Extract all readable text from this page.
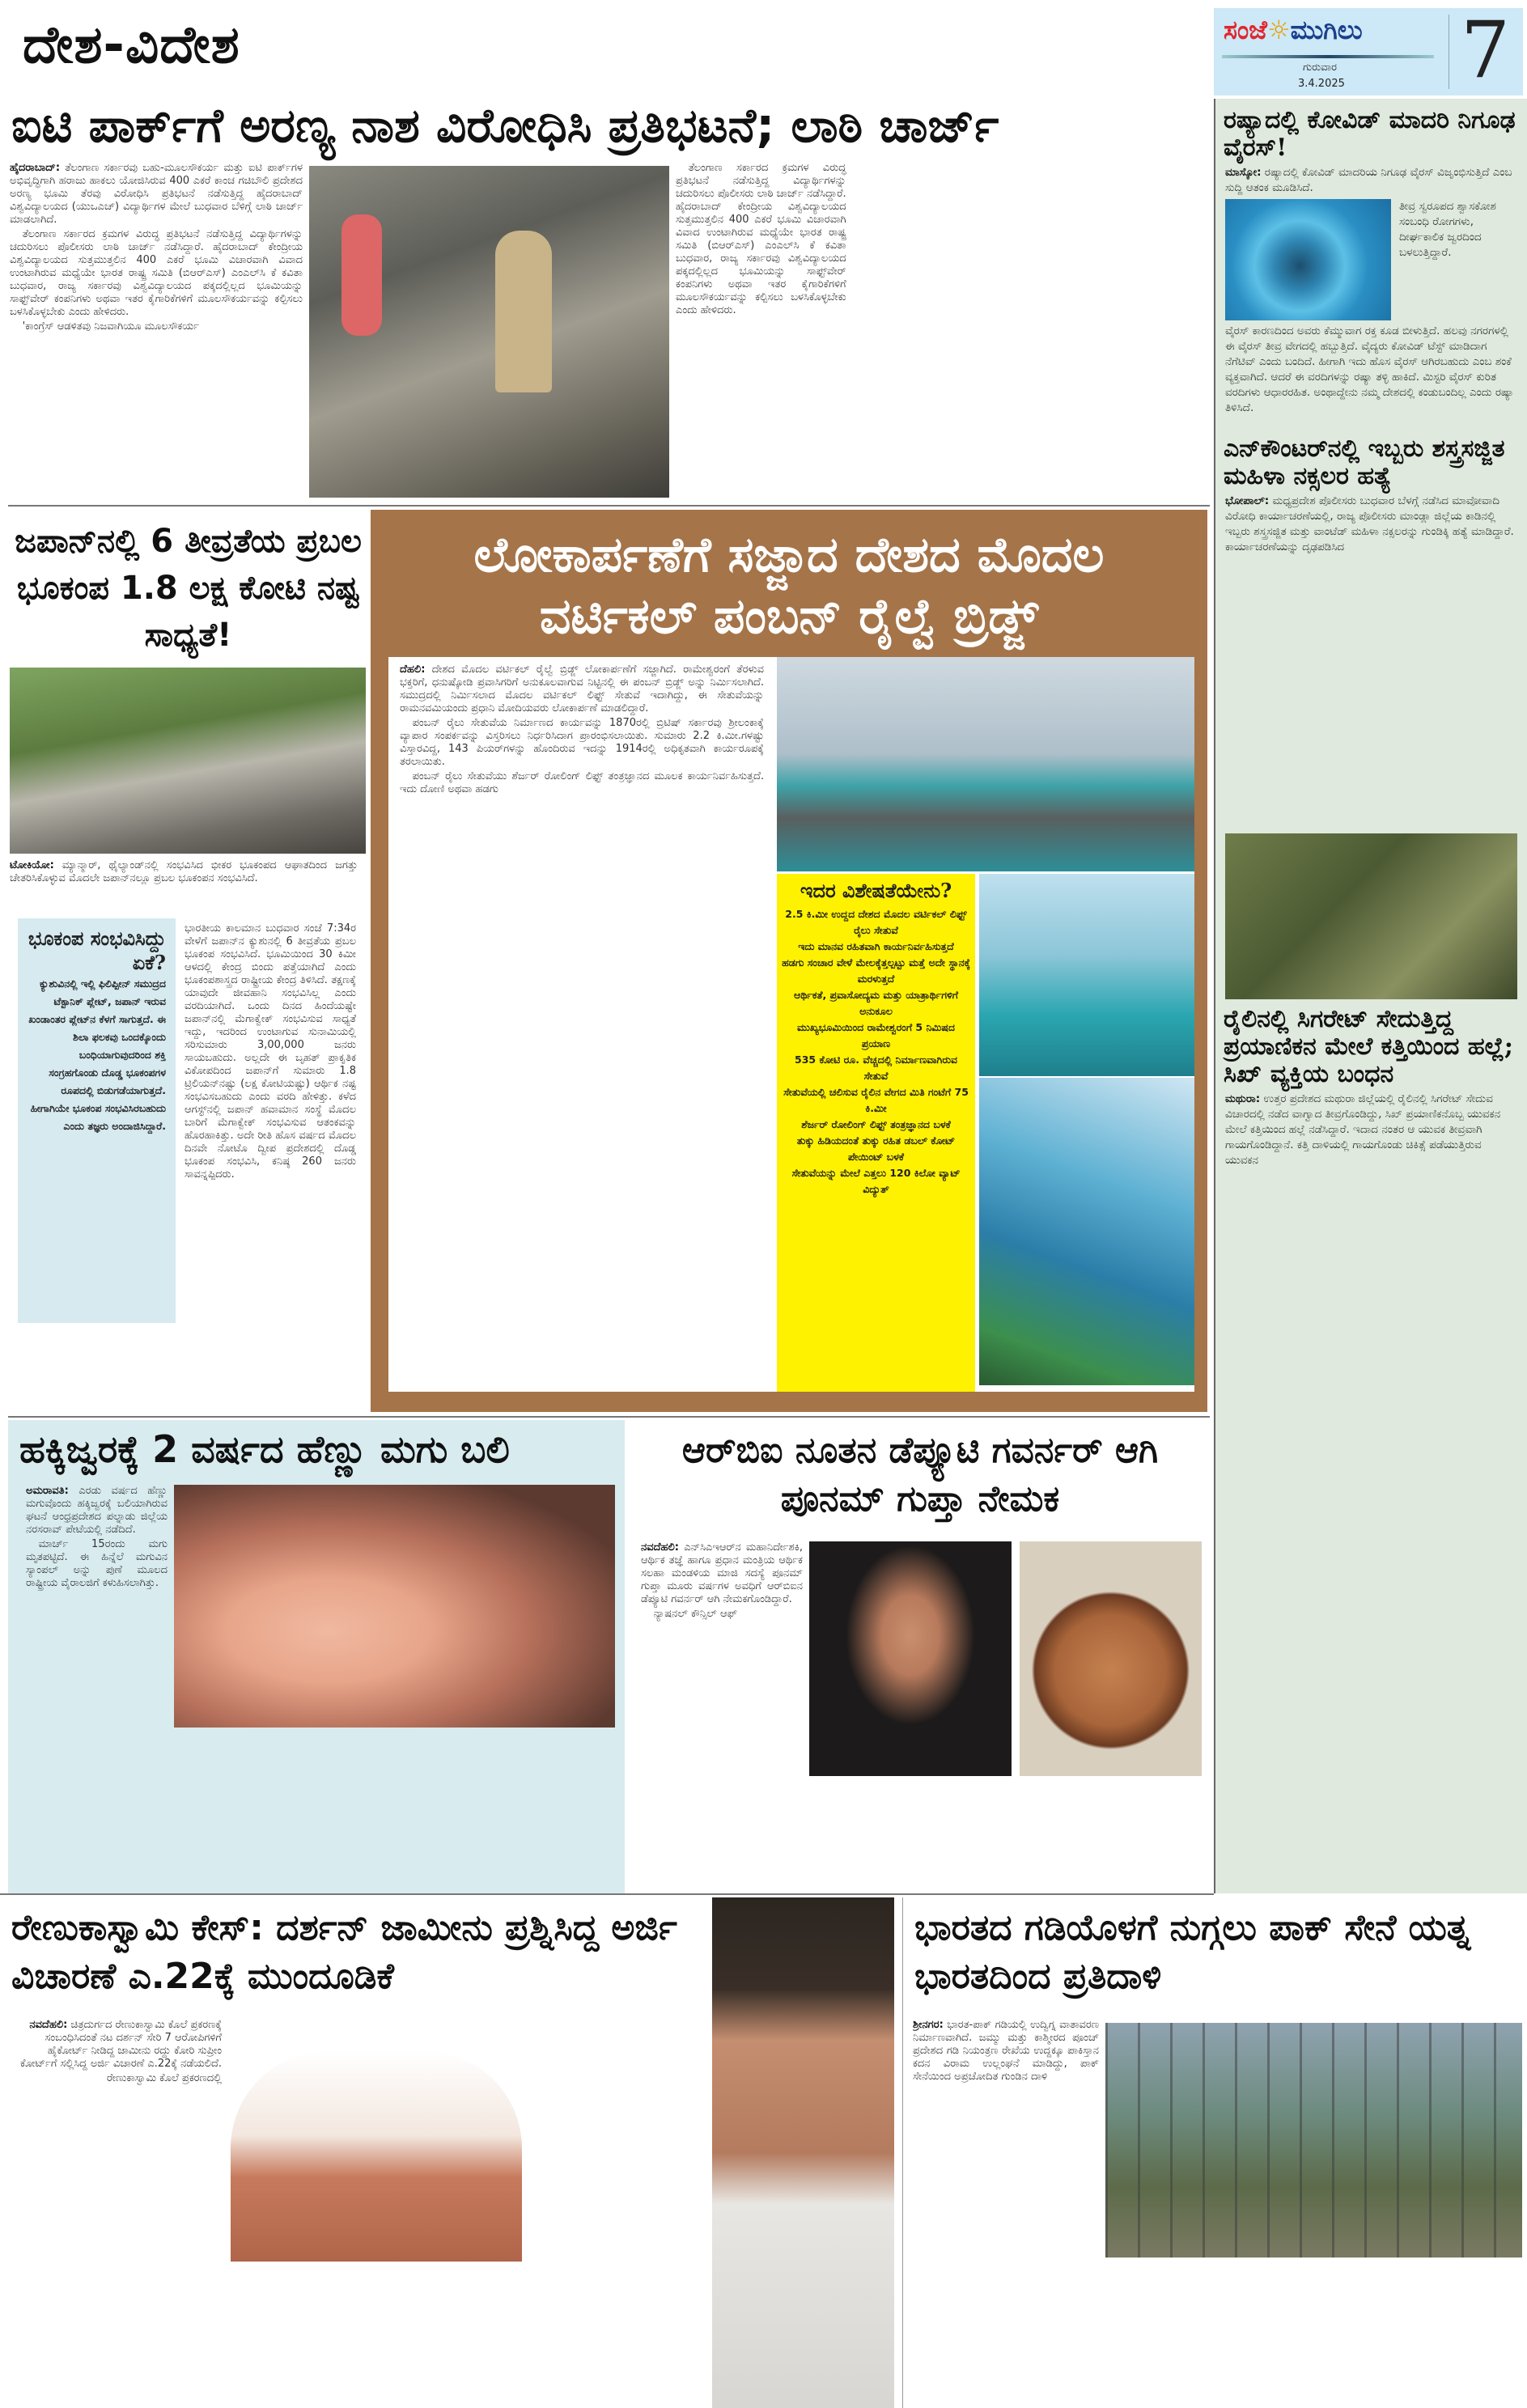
ದೇಶ-ವಿದೇಶ	ಸಂಜೆ☼ಮುಗಿಲು
ಗುರುವಾರ
3.4.2025 7
ಐಟಿ ಪಾರ್ಕ್‌ಗೆ ಅರಣ್ಯ ನಾಶ ವಿರೋಧಿಸಿ ಪ್ರತಿಭಟನೆ; ಲಾಠಿ ಚಾರ್ಜ್

ಹೈದರಾಬಾದ್: ತೆಲಂಗಾಣ ಸರ್ಕಾರವು ಬಹು-ಮೂಲಸೌಕರ್ಯ ಮತ್ತು ಐಟಿ ಪಾರ್ಕ್‌ಗಳ ಅಭಿವೃದ್ಧಿಗಾಗಿ ಹರಾಜು ಹಾಕಲು ಯೋಜಿಸಿರುವ 400 ಎಕರೆ ಕಾಂಚ ಗಚಿಬೌಲಿ ಪ್ರದೇಶದ ಅರಣ್ಯ ಭೂಮಿ ತೆರವು ವಿರೋಧಿಸಿ ಪ್ರತಿಭಟನೆ ನಡೆಸುತ್ತಿದ್ದ ಹೈದರಾಬಾದ್ ವಿಶ್ವವಿದ್ಯಾಲಯದ (ಯುಒಎಚ್) ವಿದ್ಯಾರ್ಥಿಗಳ ಮೇಲೆ ಬುಧವಾರ ಬೆಳಿಗ್ಗೆ ಲಾಠಿ ಚಾರ್ಜ್ ಮಾಡಲಾಗಿದೆ.

ತೆಲಂಗಾಣ ಸರ್ಕಾರದ ಕ್ರಮಗಳ ವಿರುದ್ಧ ಪ್ರತಿಭಟನೆ ನಡೆಸುತ್ತಿದ್ದ ವಿದ್ಯಾರ್ಥಿಗಳನ್ನು ಚದುರಿಸಲು ಪೊಲೀಸರು ಲಾಠಿ ಚಾರ್ಜ್ ನಡೆಸಿದ್ದಾರೆ. ಹೈದರಾಬಾದ್ ಕೇಂದ್ರೀಯ ವಿಶ್ವವಿದ್ಯಾಲಯದ ಸುತ್ತಮುತ್ತಲಿನ 400 ಎಕರೆ ಭೂಮಿ ವಿಚಾರವಾಗಿ ವಿವಾದ ಉಂಟಾಗಿರುವ ಮಧ್ಯೆಯೇ ಭಾರತ ರಾಷ್ಟ್ರ ಸಮಿತಿ (ಬಿಆರ್‌ಎಸ್) ಎಂಎಲ್‌ಸಿ ಕೆ ಕವಿತಾ ಬುಧವಾರ, ರಾಜ್ಯ ಸರ್ಕಾರವು ವಿಶ್ವವಿದ್ಯಾಲಯದ ಪಕ್ಕದಲ್ಲಿಲ್ಲದ ಭೂಮಿಯನ್ನು ಸಾಫ್ಟ್‌ವೇರ್ ಕಂಪನಿಗಳು ಅಥವಾ ಇತರ ಕೈಗಾರಿಕೆಗಳಿಗೆ ಮೂಲಸೌಕರ್ಯವನ್ನು ಕಲ್ಪಿಸಲು ಬಳಸಿಕೊಳ್ಳಬೇಕು ಎಂದು ಹೇಳಿದರು.

'ಕಾಂಗ್ರೆಸ್ ಆಡಳಿತವು ನಿಜವಾಗಿಯೂ ಮೂಲಸೌಕರ್ಯ

ತೆಲಂಗಾಣ ಸರ್ಕಾರದ ಕ್ರಮಗಳ ವಿರುದ್ಧ ಪ್ರತಿಭಟನೆ ನಡೆಸುತ್ತಿದ್ದ ವಿದ್ಯಾರ್ಥಿಗಳನ್ನು ಚದುರಿಸಲು ಪೊಲೀಸರು ಲಾಠಿ ಚಾರ್ಜ್ ನಡೆಸಿದ್ದಾರೆ. ಹೈದರಾಬಾದ್ ಕೇಂದ್ರೀಯ ವಿಶ್ವವಿದ್ಯಾಲಯದ ಸುತ್ತಮುತ್ತಲಿನ 400 ಎಕರೆ ಭೂಮಿ ವಿಚಾರವಾಗಿ ವಿವಾದ ಉಂಟಾಗಿರುವ ಮಧ್ಯೆಯೇ ಭಾರತ ರಾಷ್ಟ್ರ ಸಮಿತಿ (ಬಿಆರ್‌ಎಸ್) ಎಂಎಲ್‌ಸಿ ಕೆ ಕವಿತಾ ಬುಧವಾರ, ರಾಜ್ಯ ಸರ್ಕಾರವು ವಿಶ್ವವಿದ್ಯಾಲಯದ ಪಕ್ಕದಲ್ಲಿಲ್ಲದ ಭೂಮಿಯನ್ನು ಸಾಫ್ಟ್‌ವೇರ್ ಕಂಪನಿಗಳು ಅಥವಾ ಇತರ ಕೈಗಾರಿಕೆಗಳಿಗೆ ಮೂಲಸೌಕರ್ಯವನ್ನು ಕಲ್ಪಿಸಲು ಬಳಸಿಕೊಳ್ಳಬೇಕು ಎಂದು ಹೇಳಿದರು.

ರಷ್ಯಾದಲ್ಲಿ ಕೋವಿಡ್ ಮಾದರಿ ನಿಗೂಢ ವೈರಸ್!
ಮಾಸ್ಕೋ: ರಷ್ಯಾದಲ್ಲಿ ಕೋವಿಡ್ ಮಾದರಿಯ ನಿಗೂಢ ವೈರಸ್ ವಿಜೃಂಭಿಸುತ್ತಿದೆ ಎಂಬ ಸುದ್ದಿ ಆತಂಕ ಮೂಡಿಸಿದೆ.
ತೀವ್ರ ಸ್ವರೂಪದ ಶ್ವಾಸಕೋಶ ಸಂಬಂಧಿ ರೋಗಗಳು, ದೀರ್ಘಕಾಲಿಕ ಜ್ವರದಿಂದ ಬಳಲುತ್ತಿದ್ದಾರೆ.
ವೈರಸ್ ಕಾರಣದಿಂದ ಅವರು ಕೆಮ್ಮುವಾಗ ರಕ್ತ ಕೂಡ ಬೀಳುತ್ತಿದೆ. ಹಲವು ನಗರಗಳಲ್ಲಿ ಈ ವೈರಸ್ ತೀವ್ರ ವೇಗದಲ್ಲಿ ಹಬ್ಬುತ್ತಿದೆ. ವೈದ್ಯರು ಕೋವಿಡ್ ಟೆಸ್ಟ್ ಮಾಡಿದಾಗ ನೆಗೆಟಿವ್ ಎಂದು ಬಂದಿದೆ. ಹೀಗಾಗಿ ಇದು ಹೊಸ ವೈರಸ್ ಆಗಿರಬಹುದು ಎಂಬ ಶಂಕೆ ವ್ಯಕ್ತವಾಗಿದೆ. ಆದರೆ ಈ ವರದಿಗಳನ್ನು ರಷ್ಯಾ ತಳ್ಳಿ ಹಾಕಿದೆ. ಮಿಸ್ಟರಿ ವೈರಸ್ ಕುರಿತ ವರದಿಗಳು ಆಧಾರರಹಿತ. ಅಂಥಾದ್ದೇನು ನಮ್ಮ ದೇಶದಲ್ಲಿ ಕಂಡುಬಂದಿಲ್ಲ ಎಂದು ರಷ್ಯಾ ತಿಳಿಸಿದೆ.
ಎನ್‌ಕೌಂಟರ್‌ನಲ್ಲಿ ಇಬ್ಬರು ಶಸ್ತ್ರಸಜ್ಜಿತ ಮಹಿಳಾ ನಕ್ಸಲರ ಹತ್ಯೆ
ಭೋಪಾಲ್: ಮಧ್ಯಪ್ರದೇಶ ಪೊಲೀಸರು ಬುಧವಾರ ಬೆಳಗ್ಗೆ ನಡೆಸಿದ ಮಾವೋವಾದಿ ವಿರೋಧಿ ಕಾರ್ಯಾಚರಣೆಯಲ್ಲಿ, ರಾಜ್ಯ ಪೊಲೀಸರು ಮಾಂಡ್ಲಾ ಜಿಲ್ಲೆಯ ಕಾಡಿನಲ್ಲಿ ಇಬ್ಬರು ಶಸ್ತ್ರಸಜ್ಜಿತ ಮತ್ತು ವಾಂಟೆಡ್ ಮಹಿಳಾ ನಕ್ಸಲರನ್ನು ಗುಂಡಿಕ್ಕಿ ಹತ್ಯೆ ಮಾಡಿದ್ದಾರೆ. ಕಾರ್ಯಾಚರಣೆಯನ್ನು ದೃಢಪಡಿಸಿದ
ರೈಲಿನಲ್ಲಿ ಸಿಗರೇಟ್ ಸೇದುತ್ತಿದ್ದ ಪ್ರಯಾಣಿಕನ ಮೇಲೆ ಕತ್ತಿಯಿಂದ ಹಲ್ಲೆ; ಸಿಖ್ ವ್ಯಕ್ತಿಯ ಬಂಧನ
ಮಥುರಾ: ಉತ್ತರ ಪ್ರದೇಶದ ಮಥುರಾ ಜಿಲ್ಲೆಯಲ್ಲಿ ರೈಲಿನಲ್ಲಿ ಸಿಗರೇಟ್ ಸೇದುವ ವಿಚಾರದಲ್ಲಿ ನಡೆದ ವಾಗ್ವಾದ ತೀವ್ರಗೊಂಡಿದ್ದು, ಸಿಖ್ ಪ್ರಯಾಣಿಕನೊಬ್ಬ ಯುವಕನ ಮೇಲೆ ಕತ್ತಿಯಿಂದ ಹಲ್ಲೆ ನಡೆಸಿದ್ದಾರೆ. ಇದಾದ ನಂತರ ಆ ಯುವಕ ತೀವ್ರವಾಗಿ ಗಾಯಗೊಂಡಿದ್ದಾನೆ. ಕತ್ತಿ ದಾಳಿಯಲ್ಲಿ ಗಾಯಗೊಂಡು ಚಿಕಿತ್ಸೆ ಪಡೆಯುತ್ತಿರುವ ಯುವಕನ
ಜಪಾನ್‌ನಲ್ಲಿ 6 ತೀವ್ರತೆಯ ಪ್ರಬಲ ಭೂಕಂಪ 1.8 ಲಕ್ಷ ಕೋಟಿ ನಷ್ಟ ಸಾಧ್ಯತೆ!
ಟೋಕಿಯೋ: ಮ್ಯಾನ್ಮಾರ್, ಥೈಲ್ಯಾಂಡ್‌ನಲ್ಲಿ ಸಂಭವಿಸಿದ ಭೀಕರ ಭೂಕಂಪದ ಆಘಾತದಿಂದ ಜಗತ್ತು ಚೇತರಿಸಿಕೊಳ್ಳುವ ಮೊದಲೇ ಜಪಾನ್‌ನಲ್ಲೂ ಪ್ರಬಲ ಭೂಕಂಪನ ಸಂಭವಿಸಿದೆ.
ಭೂಕಂಪ ಸಂಭವಿಸಿದ್ದು ಏಕೆ?
ಕ್ಯುಶುವಿನಲ್ಲಿ ಇಲ್ಲಿ ಫಿಲಿಪ್ಪೀನ್ ಸಮುದ್ರದ ಟೆಕ್ಟಾನಿಕ್ ಪ್ಲೇಟ್, ಜಪಾನ್ ಇರುವ ಖಂಡಾಂತರ ಪ್ಲೇಟ್‌ನ ಕೆಳಗೆ ಸಾಗುತ್ತದೆ. ಈ ಶಿಲಾ ಫಲಕವು ಒಂದಕ್ಕೊಂದು ಬಂಧಿಯಾಗುವುದರಿಂದ ಶಕ್ತಿ ಸಂಗ್ರಹಗೊಂಡು ದೊಡ್ಡ ಭೂಕಂಪಗಳ ರೂಪದಲ್ಲಿ ಬಿಡುಗಡೆಯಾಗುತ್ತದೆ. ಹೀಗಾಗಿಯೇ ಭೂಕಂಪ ಸಂಭವಿಸಿರಬಹುದು ಎಂದು ತಜ್ಞರು ಅಂದಾಜಿಸಿದ್ದಾರೆ.
ಭಾರತೀಯ ಕಾಲಮಾನ ಬುಧವಾರ ಸಂಜೆ 7:34ರ ವೇಳೆಗೆ ಜಪಾನ್‌ನ ಕ್ಯುಶುನಲ್ಲಿ 6 ತೀವ್ರತೆಯ ಪ್ರಬಲ ಭೂಕಂಪ ಸಂಭವಿಸಿದೆ. ಭೂಮಿಯಿಂದ 30 ಕಿಮೀ ಆಳದಲ್ಲಿ ಕೇಂದ್ರ ಬಿಂದು ಪತ್ತೆಯಾಗಿದೆ ಎಂದು ಭೂಕಂಪಶಾಸ್ತ್ರದ ರಾಷ್ಟ್ರೀಯ ಕೇಂದ್ರ ತಿಳಿಸಿದೆ. ತಕ್ಷಣಕ್ಕೆ ಯಾವುದೇ ಜೀವಹಾನಿ ಸಂಭವಿಸಿಲ್ಲ ಎಂದು ವರದಿಯಾಗಿದೆ. ಒಂದು ದಿನದ ಹಿಂದೆಯಷ್ಟೇ ಜಪಾನ್‌ನಲ್ಲಿ ಮೆಗಾಕ್ವೇಕ್ ಸಂಭವಿಸುವ ಸಾಧ್ಯತೆ ಇದ್ದು, ಇದರಿಂದ ಉಂಟಾಗುವ ಸುನಾಮಿಯಲ್ಲಿ ಸರಿಸುಮಾರು 3,00,000 ಜನರು ಸಾಯಬಹುದು. ಅಲ್ಲದೇ ಈ ಬೃಹತ್ ಪ್ರಾಕೃತಿಕ ವಿಕೋಪದಿಂದ ಜಪಾನ್‌ಗೆ ಸುಮಾರು 1.8 ಟ್ರಿಲಿಯನ್‌ನಷ್ಟು (ಲಕ್ಷ ಕೋಟಿಯಷ್ಟು) ಆರ್ಥಿಕ ನಷ್ಟ ಸಂಭವಿಸಬಹುದು ಎಂದು ವರದಿ ಹೇಳಿತ್ತು. ಕಳೆದ ಆಗಸ್ಟ್‌ನಲ್ಲಿ ಜಪಾನ್ ಹವಾಮಾನ ಸಂಸ್ಥೆ ಮೊದಲ ಬಾರಿಗೆ ಮೆಗಾಕ್ವೇಕ್ ಸಂಭವಿಸುವ ಆತಂಕವನ್ನು ಹೊರಹಾಕಿತ್ತು. ಅದೇ ರೀತಿ ಹೊಸ ವರ್ಷದ ಮೊದಲ ದಿನವೇ ನೋಟೊ ದ್ವೀಪ ಪ್ರದೇಶದಲ್ಲಿ ದೊಡ್ಡ ಭೂಕಂಪ ಸಂಭವಿಸಿ, ಕನಿಷ್ಠ 260 ಜನರು ಸಾವನ್ನಪ್ಪಿದರು.
ಲೋಕಾರ್ಪಣೆಗೆ ಸಜ್ಜಾದ ದೇಶದ ಮೊದಲ ವರ್ಟಿಕಲ್ ಪಂಬನ್ ರೈಲ್ವೆ ಬ್ರಿಡ್ಜ್

ದೆಹಲಿ: ದೇಶದ ಮೊದಲ ವರ್ಟಿಕಲ್ ರೈಲ್ವೆ ಬ್ರಿಡ್ಜ್ ಲೋಕಾರ್ಪಣೆಗೆ ಸಜ್ಜಾಗಿದೆ. ರಾಮೇಶ್ವರಂಗೆ ತೆರಳುವ ಭಕ್ತರಿಗೆ, ಧನುಷ್ಕೋಡಿ ಪ್ರವಾಸಿಗರಿಗೆ ಅನುಕೂಲವಾಗುವ ನಿಟ್ಟಿನಲ್ಲಿ ಈ ಪಂಬನ್ ಬ್ರಿಡ್ಜ್ ಅನ್ನು ನಿರ್ಮಿಸಲಾಗಿದೆ. ಸಮುದ್ರದಲ್ಲಿ ನಿರ್ಮಿಸಲಾದ ಮೊದಲ ವರ್ಟಿಕಲ್ ಲಿಫ್ಟ್ ಸೇತುವೆ ಇದಾಗಿದ್ದು, ಈ ಸೇತುವೆಯನ್ನು ರಾಮನವಮಿಯಂದು ಪ್ರಧಾನಿ ಮೋದಿಯವರು ಲೋಕಾರ್ಪಣೆ ಮಾಡಲಿದ್ದಾರೆ.

ಪಂಬನ್ ರೈಲು ಸೇತುವೆಯ ನಿರ್ಮಾಣದ ಕಾರ್ಯವನ್ನು 1870ರಲ್ಲಿ ಬ್ರಿಟಿಷ್ ಸರ್ಕಾರವು ಶ್ರೀಲಂಕಾಕ್ಕೆ ವ್ಯಾಪಾರ ಸಂಪರ್ಕವನ್ನು ವಿಸ್ತರಿಸಲು ನಿರ್ಧರಿಸಿದಾಗ ಪ್ರಾರಂಭಿಸಲಾಯಿತು. ಸುಮಾರು 2.2 ಕಿ.ಮೀ.ಗಳಷ್ಟು ವಿಸ್ತಾರವಿದ್ದ, 143 ಪಿಯರ್‌ಗಳನ್ನು ಹೊಂದಿರುವ ಇದನ್ನು 1914ರಲ್ಲಿ ಅಧಿಕೃತವಾಗಿ ಕಾರ್ಯರೂಪಕ್ಕೆ ತರಲಾಯಿತು.

ಪಂಬನ್ ರೈಲು ಸೇತುವೆಯು ಶೆರ್ಜರ್ ರೋಲಿಂಗ್ ಲಿಫ್ಟ್ ತಂತ್ರಜ್ಞಾನದ ಮೂಲಕ ಕಾರ್ಯನಿರ್ವಹಿಸುತ್ತದೆ. ಇದು ದೋಣಿ ಅಥವಾ ಹಡಗು

ಇದರ ವಿಶೇಷತೆಯೇನು?
2.5 ಕಿ.ಮೀ ಉದ್ದದ ದೇಶದ ಮೊದಲ ವರ್ಟಿಕಲ್ ಲಿಫ್ಟ್ ರೈಲು ಸೇತುವೆ
ಇದು ಮಾನವ ರಹಿತವಾಗಿ ಕಾರ್ಯನಿರ್ವಹಿಸುತ್ತದೆ
ಹಡಗು ಸಂಚಾರ ವೇಳೆ ಮೇಲಕ್ಕೆತ್ತಲ್ಪಟ್ಟು ಮತ್ತೆ ಅದೇ ಸ್ಥಾನಕ್ಕೆ ಮರಳುತ್ತದೆ
ಆರ್ಥಿಕತೆ, ಪ್ರವಾಸೋದ್ಯಮ ಮತ್ತು ಯಾತ್ರಾರ್ಥಿಗಳಿಗೆ ಅನುಕೂಲ
ಮುಖ್ಯಭೂಮಿಯಿಂದ ರಾಮೇಶ್ವರಂಗೆ 5 ನಿಮಿಷದ ಪ್ರಯಾಣ
535 ಕೋಟಿ ರೂ. ವೆಚ್ಚದಲ್ಲಿ ನಿರ್ಮಾಣವಾಗಿರುವ ಸೇತುವೆ
ಸೇತುವೆಯಲ್ಲಿ ಚಲಿಸುವ ರೈಲಿನ ವೇಗದ ಮಿತಿ ಗಂಟೆಗೆ 75 ಕಿ.ಮೀ
ಶೆರ್ಜರ್ ರೋಲಿಂಗ್ ಲಿಫ್ಟ್ ತಂತ್ರಜ್ಞಾನದ ಬಳಕೆ
ತುಕ್ಕು ಹಿಡಿಯದಂತೆ ತುಕ್ಕು ರಹಿತ ಡಬಲ್ ಕೋಟ್ ಪೇಯಿಂಟ್ ಬಳಕೆ
ಸೇತುವೆಯನ್ನು ಮೇಲೆ ಎತ್ತಲು 120 ಕಿಲೋ ವ್ಯಾಟ್ ವಿದ್ಯುತ್
ಹಕ್ಕಿಜ್ವರಕ್ಕೆ 2 ವರ್ಷದ ಹೆಣ್ಣು ಮಗು ಬಲಿ

ಅಮರಾವತಿ: ಎರಡು ವರ್ಷದ ಹೆಣ್ಣು ಮಗುವೊಂದು ಹಕ್ಕಿಜ್ವರಕ್ಕೆ ಬಲಿಯಾಗಿರುವ ಘಟನೆ ಆಂಧ್ರಪ್ರದೇಶದ ಪಲ್ನಾಡು ಜಿಲ್ಲೆಯ ನರಸರಾವ್ ಪೇಟೆಯಲ್ಲಿ ನಡೆದಿದೆ.

ಮಾರ್ಚ್ 15ರಂದು ಮಗು ಮೃತಪಟ್ಟಿದೆ. ಈ ಹಿನ್ನೆಲೆ ಮಗುವಿನ ಸ್ಯಾಂಪಲ್ ಅನ್ನು ಪುಣೆ ಮೂಲದ ರಾಷ್ಟ್ರೀಯ ವೈರಾಲಜಿಗೆ ಕಳುಹಿಸಲಾಗಿತ್ತು.

ಆರ್‌ಬಿಐ ನೂತನ ಡೆಪ್ಯೂಟಿ ಗವರ್ನರ್ ಆಗಿ ಪೂನಮ್ ಗುಪ್ತಾ ನೇಮಕ

ನವದೆಹಲಿ: ಎನ್‌ಸಿಎಇಆರ್‌ನ ಮಹಾನಿರ್ದೇಶಕಿ, ಆರ್ಥಿಕ ತಜ್ಞೆ ಹಾಗೂ ಪ್ರಧಾನ ಮಂತ್ರಿಯ ಆರ್ಥಿಕ ಸಲಹಾ ಮಂಡಳಿಯ ಮಾಜಿ ಸದಸ್ಯೆ ಪೂನಮ್ ಗುಪ್ತಾ ಮೂರು ವರ್ಷಗಳ ಅವಧಿಗೆ ಆರ್‌ಬಿಐನ ಡೆಪ್ಯೂಟಿ ಗವರ್ನರ್ ಆಗಿ ನೇಮಕಗೊಂಡಿದ್ದಾರೆ.

ನ್ಯಾಷನಲ್ ಕೌನ್ಸಿಲ್ ಆಫ್

ರೇಣುಕಾಸ್ವಾಮಿ ಕೇಸ್: ದರ್ಶನ್ ಜಾಮೀನು ಪ್ರಶ್ನಿಸಿದ್ದ ಅರ್ಜಿ ವಿಚಾರಣೆ ಎ.22ಕ್ಕೆ ಮುಂದೂಡಿಕೆ

ನವದೆಹಲಿ: ಚಿತ್ರದುರ್ಗದ ರೇಣುಕಾಸ್ವಾಮಿ ಕೊಲೆ ಪ್ರಕರಣಕ್ಕೆ ಸಂಬಂಧಿಸಿದಂತೆ ನಟ ದರ್ಶನ್ ಸೇರಿ 7 ಆರೋಪಿಗಳಿಗೆ ಹೈಕೋರ್ಟ್ ನೀಡಿದ್ದ ಜಾಮೀನು ರದ್ದು ಕೋರಿ ಸುಪ್ರೀಂ ಕೋರ್ಟ್‌ಗೆ ಸಲ್ಲಿಸಿದ್ದ ಅರ್ಜಿ ವಿಚಾರಣೆ ಎ.22ಕ್ಕೆ ನಡೆಯಲಿದೆ.

ರೇಣುಕಾಸ್ವಾಮಿ ಕೊಲೆ ಪ್ರಕರಣದಲ್ಲಿ

ಭಾರತದ ಗಡಿಯೊಳಗೆ ನುಗ್ಗಲು ಪಾಕ್ ಸೇನೆ ಯತ್ನ ಭಾರತದಿಂದ ಪ್ರತಿದಾಳಿ

ಶ್ರೀನಗರ: ಭಾರತ-ಪಾಕ್ ಗಡಿಯಲ್ಲಿ ಉದ್ವಿಗ್ನ ವಾತಾವರಣ ನಿರ್ಮಾಣವಾಗಿದೆ. ಜಮ್ಮು ಮತ್ತು ಕಾಶ್ಮೀರದ ಪೂಂಚ್ ಪ್ರದೇಶದ ಗಡಿ ನಿಯಂತ್ರಣ ರೇಖೆಯ ಉದ್ದಕ್ಕೂ ಪಾಕಿಸ್ತಾನ ಕದನ ವಿರಾಮ ಉಲ್ಲಂಘನೆ ಮಾಡಿದ್ದು, ಪಾಕ್ ಸೇನೆಯಿಂದ ಅಪ್ರಚೋದಿತ ಗುಂಡಿನ ದಾಳಿ
